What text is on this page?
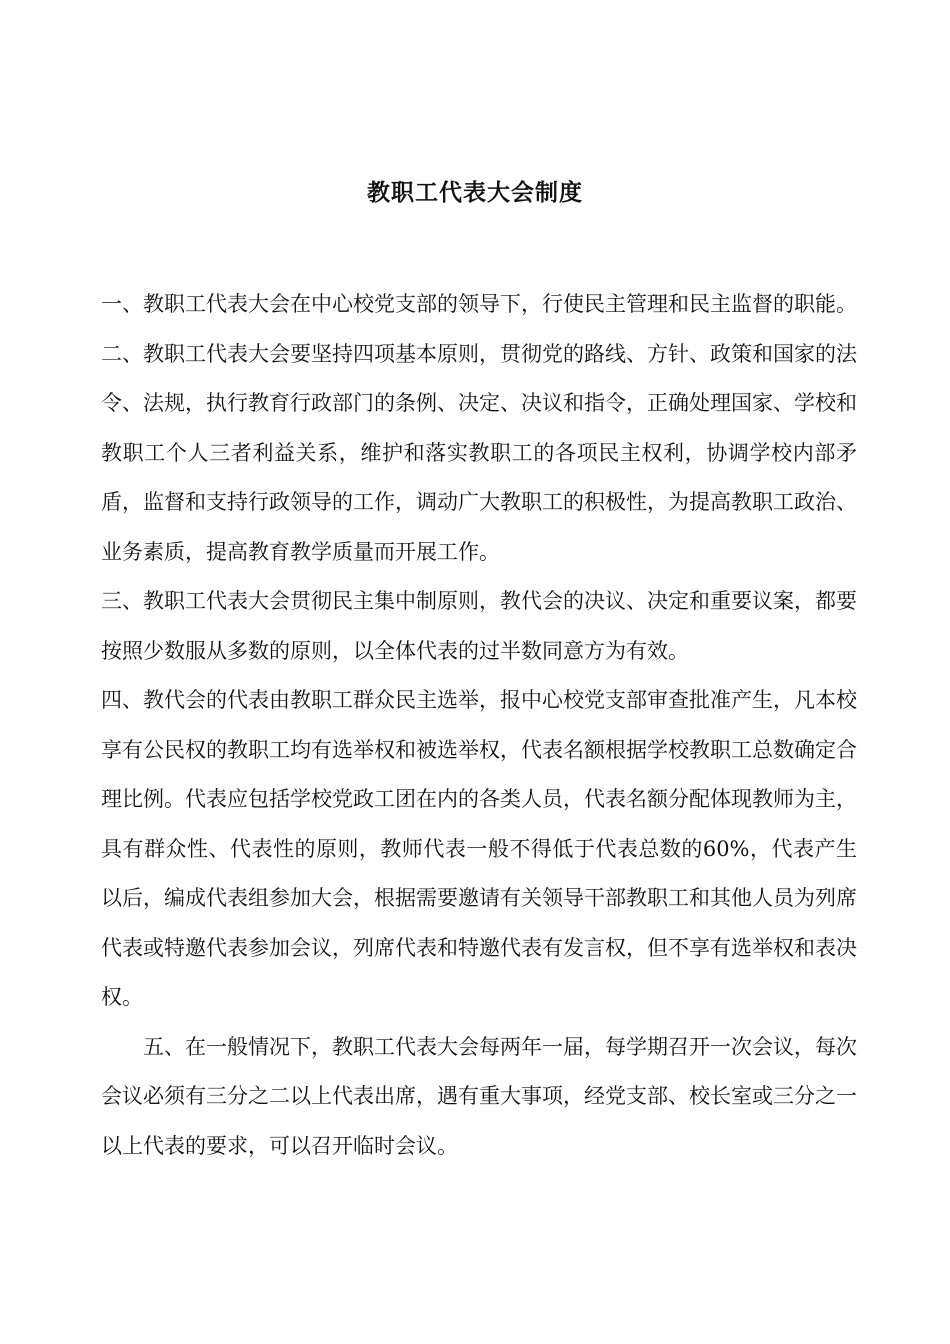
教职工代表大会制度

一、教职工代表大会在中心校党支部的领导下，行使民主管理和民主监督的职能。

二、教职工代表大会要坚持四项基本原则，贯彻党的路线、方针、政策和国家的法令、法规，执行教育行政部门的条例、决定、决议和指令，正确处理国家、学校和教职工个人三者利益关系，维护和落实教职工的各项民主权利，协调学校内部矛盾，监督和支持行政领导的工作，调动广大教职工的积极性，为提高教职工政治、业务素质，提高教育教学质量而开展工作。

三、教职工代表大会贯彻民主集中制原则，教代会的决议、决定和重要议案，都要按照少数服从多数的原则，以全体代表的过半数同意方为有效。

四、教代会的代表由教职工群众民主选举，报中心校党支部审查批准产生，凡本校享有公民权的教职工均有选举权和被选举权，代表名额根据学校教职工总数确定合理比例。代表应包括学校党政工团在内的各类人员，代表名额分配体现教师为主，具有群众性、代表性的原则，教师代表一般不得低于代表总数的60%，代表产生以后，编成代表组参加大会，根据需要邀请有关领导干部教职工和其他人员为列席代表或特邀代表参加会议，列席代表和特邀代表有发言权，但不享有选举权和表决权。

五、在一般情况下，教职工代表大会每两年一届，每学期召开一次会议，每次会议必须有三分之二以上代表出席，遇有重大事项，经党支部、校长室或三分之一以上代表的要求，可以召开临时会议。
